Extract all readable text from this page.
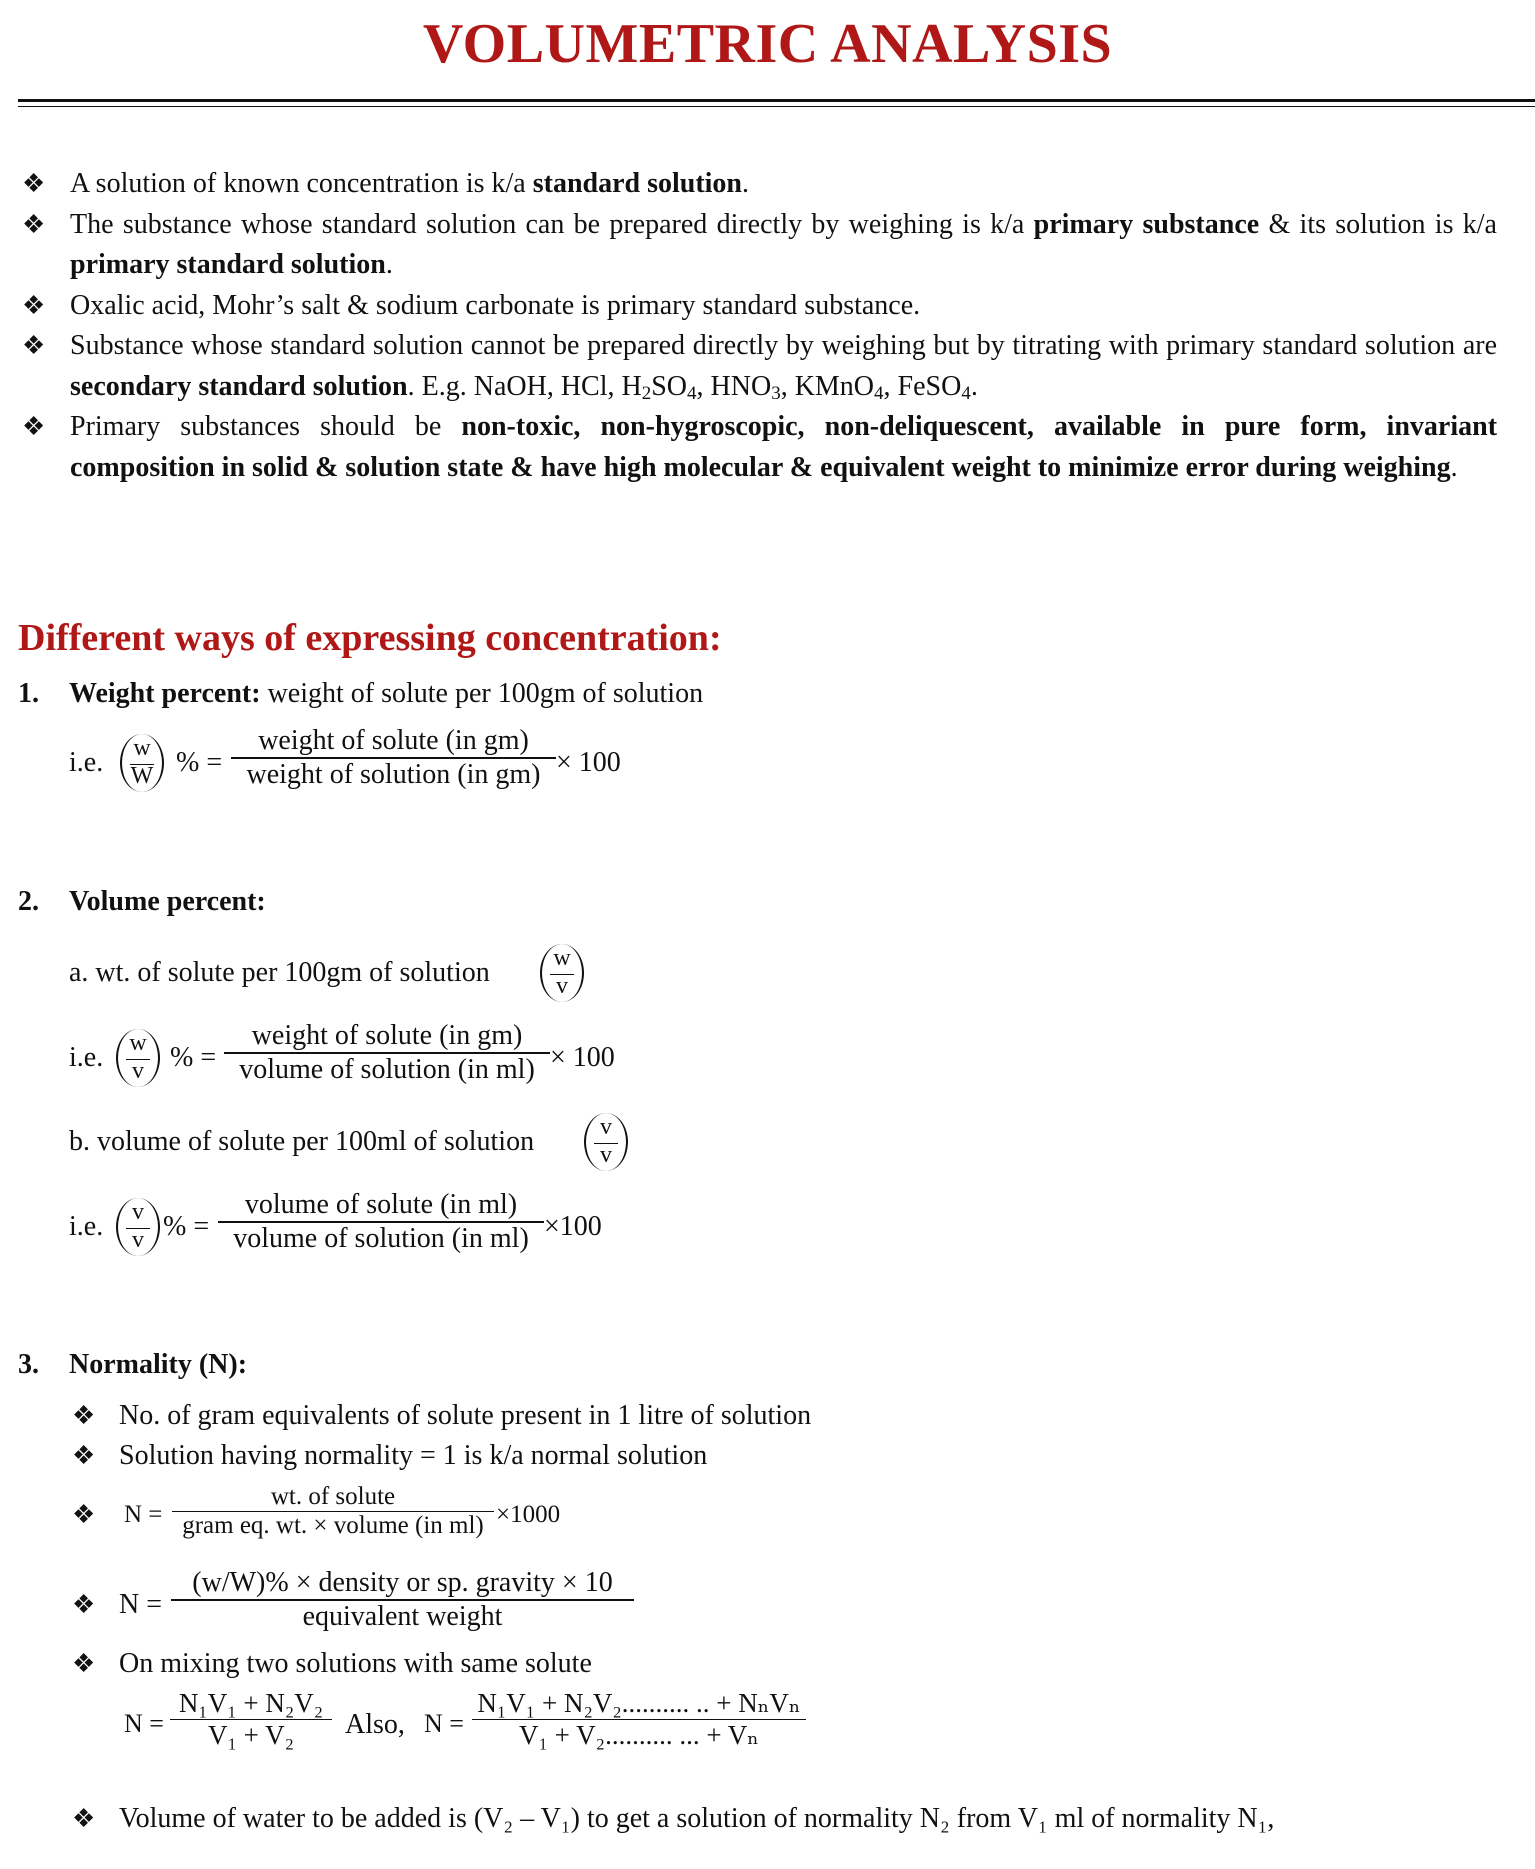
VOLUMETRIC ANALYSIS
❖ A solution of known concentration is k/a standard solution.
❖ The substance whose standard solution can be prepared directly by weighing is k/a primary substance & its solution is k/a primary standard solution.
❖ Oxalic acid, Mohr’s salt & sodium carbonate is primary standard substance.
❖ Substance whose standard solution cannot be prepared directly by weighing but by titrating with primary standard solution are secondary standard solution. E.g. NaOH, HCl, $H_2SO_4$, $HNO_3$, KMnO$_4$, FeSO$_4$.
❖ Primary substances should be non-toxic, non-hygroscopic, non-deliquescent, available in pure form, invariant composition in solid & solution state & have high molecular & equivalent weight to minimize error during weighing.
Different ways of expressing concentration:
1. Weight percent: weight of solute per 100gm of solution
i.e.	w
W % =
weight of solute (in gm)
weight of solution (in gm) × 100
2. Volume percent:
a. wt. of solute per 100gm of solution	w
v
i.e.	w
v % =
weight of solute (in gm)
volume of solution (in ml) × 100
b. volume of solute per 100ml of solution	v
v
i.e.	v
v % =
volume of solute (in ml)
volume of solution (in ml) ×100
3. Normality (N):
❖ No. of gram equivalents of solute present in 1 litre of solution
❖ Solution having normality = 1 is k/a normal solution
❖ N =
wt. of solute
gram eq. wt. × volume (in ml) ×1000
❖ N =
(w/W)% × density or sp. gravity × 10
equivalent weight
❖ On mixing two solutions with same solute
N =
N₁V₁ + N₂V₂
V₁ + V₂	Also, N =
N₁V₁ + N₂V₂.......... .. + NₙVₙ
V₁ + V₂.......... ... + Vₙ
❖ Volume of water to be added is (V₂ – V₁) to get a solution of normality N₂ from V₁ ml of normality N₁,
